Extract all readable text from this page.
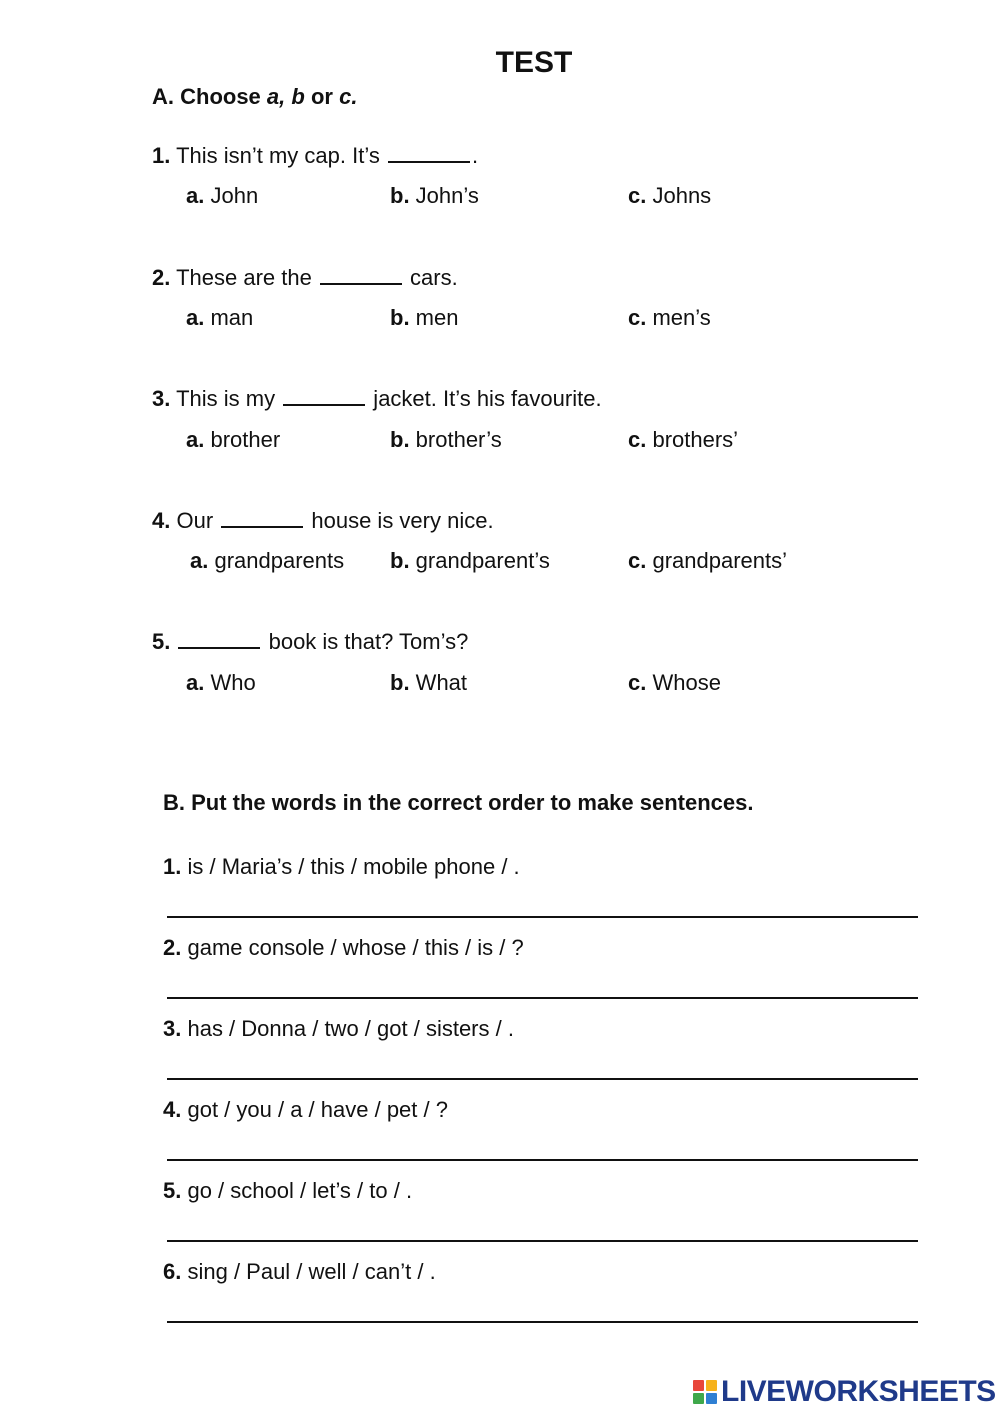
TEST
A. Choose a, b or c.
1. This isn’t my cap. It’s	.
a. John	b. John’s	c. Johns
2. These are the	cars.
a. man	b. men	c. men’s
3. This is my	jacket. It’s his favourite.
a. brother	b. brother’s	c. brothers’
4. Our	house is very nice.
a. grandparents b. grandparent’s	c. grandparents’
5.	book is that? Tom’s?
a. Who	b. What	c. Whose
B. Put the words in the correct order to make sentences.
1. is / Maria’s / this / mobile phone / .
2. game console / whose / this / is / ?
3. has / Donna / two / got / sisters / .
4. got / you / a / have / pet / ?
5. go / school / let’s / to / .
6. sing / Paul / well / can’t / .
LIVEWORKSHEETS
